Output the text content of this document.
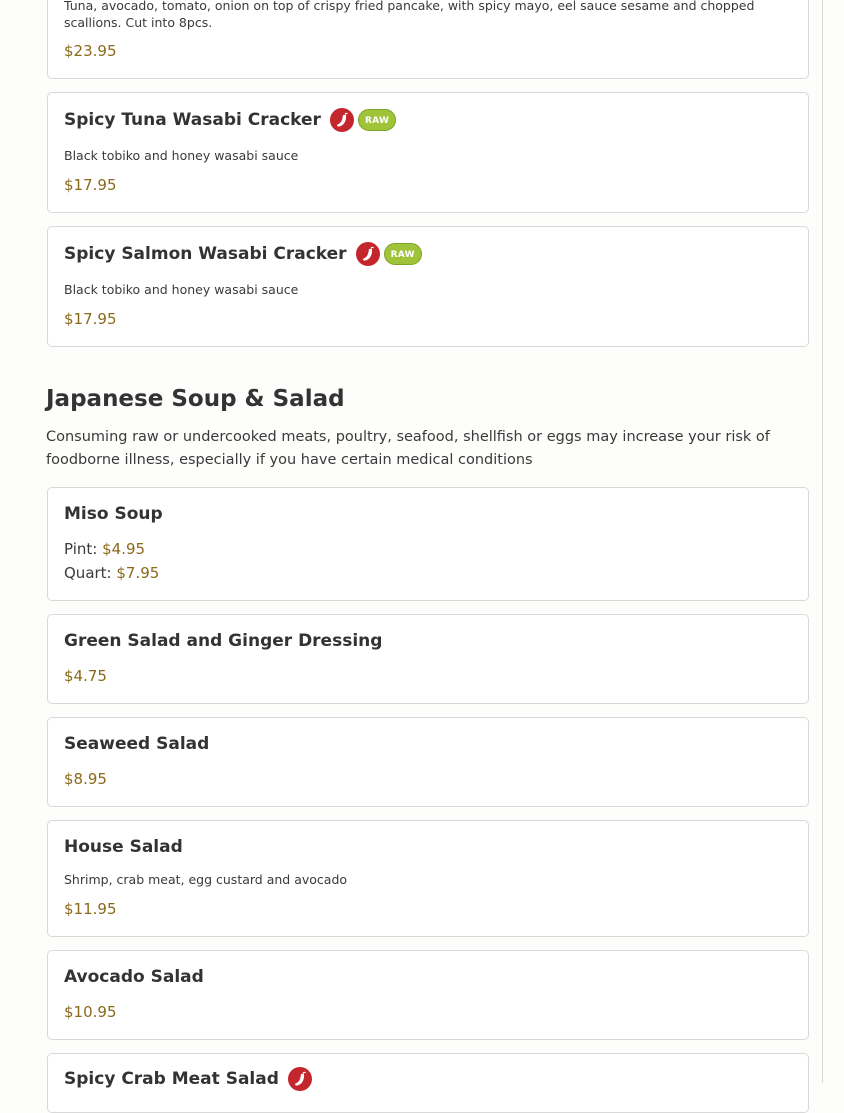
Tuna, avocado, tomato, onion on top of crispy fried pancake, with spicy mayo, eel sauce sesame and chopped scallions. Cut into 8pcs.
$23.95
Spicy Tuna Wasabi Cracker	RAW
Black tobiko and honey wasabi sauce
$17.95
Spicy Salmon Wasabi Cracker	RAW
Black tobiko and honey wasabi sauce
$17.95
Japanese Soup & Salad
Consuming raw or undercooked meats, poultry, seafood, shellfish or eggs may increase your risk of foodborne illness, especially if you have certain medical conditions
Miso Soup
Pint: $4.95
Quart: $7.95
Green Salad and Ginger Dressing
$4.75
Seaweed Salad
$8.95
House Salad
Shrimp, crab meat, egg custard and avocado
$11.95
Avocado Salad
$10.95
Spicy Crab Meat Salad
